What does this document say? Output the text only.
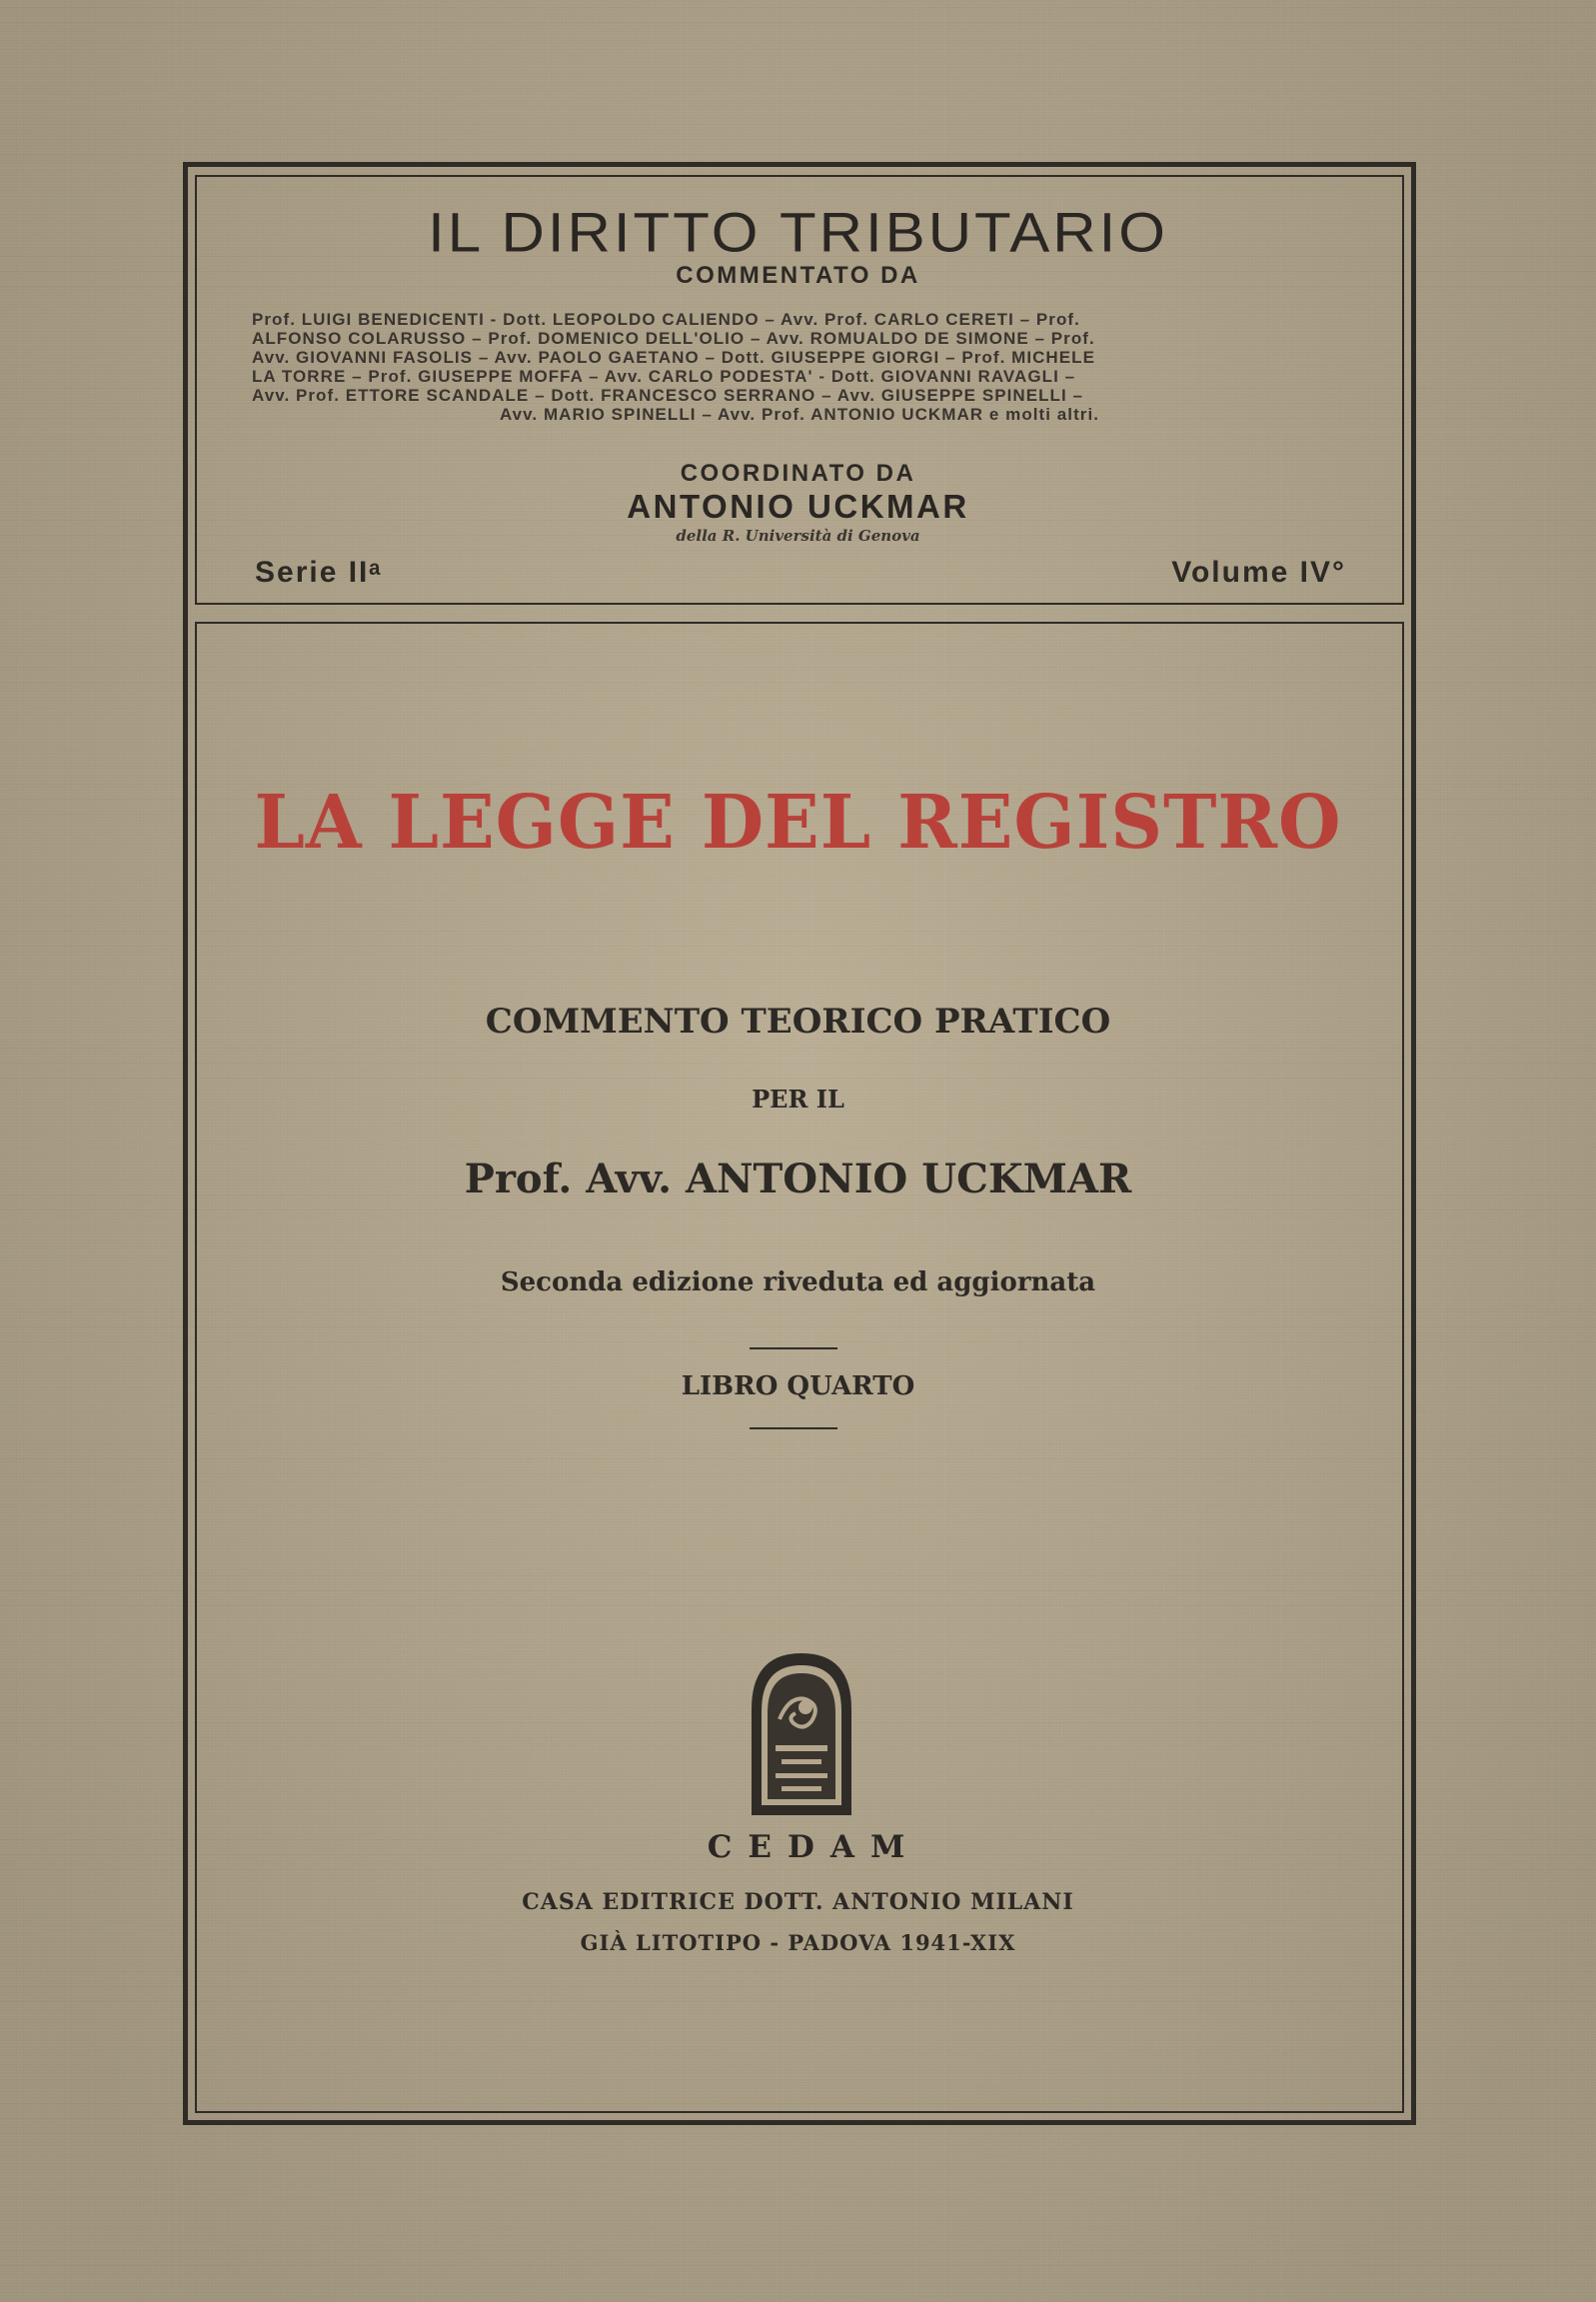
IL DIRITTO TRIBUTARIO
COMMENTATO DA
Prof. LUIGI BENEDICENTI - Dott. LEOPOLDO CALIENDO – Avv. Prof. CARLO CERETI – Prof.
ALFONSO COLARUSSO – Prof. DOMENICO DELL'OLIO – Avv. ROMUALDO DE SIMONE – Prof.
Avv. GIOVANNI FASOLIS – Avv. PAOLO GAETANO – Dott. GIUSEPPE GIORGI – Prof. MICHELE
LA TORRE – Prof. GIUSEPPE MOFFA – Avv. CARLO PODESTA' - Dott. GIOVANNI RAVAGLI –
Avv. Prof. ETTORE SCANDALE – Dott. FRANCESCO SERRANO – Avv. GIUSEPPE SPINELLI –
Avv. MARIO SPINELLI – Avv. Prof. ANTONIO UCKMAR e molti altri.
COORDINATO DA
ANTONIO UCKMAR
della R. Università di Genova
Serie IIᵃ	Volume IV°
LA LEGGE DEL REGISTRO
COMMENTO TEORICO PRATICO
PER IL
Prof. Avv. ANTONIO UCKMAR
Seconda edizione riveduta ed aggiornata
LIBRO QUARTO
CEDAM
CASA EDITRICE DOTT. ANTONIO MILANI
GIÀ LITOTIPO - PADOVA 1941-XIX
